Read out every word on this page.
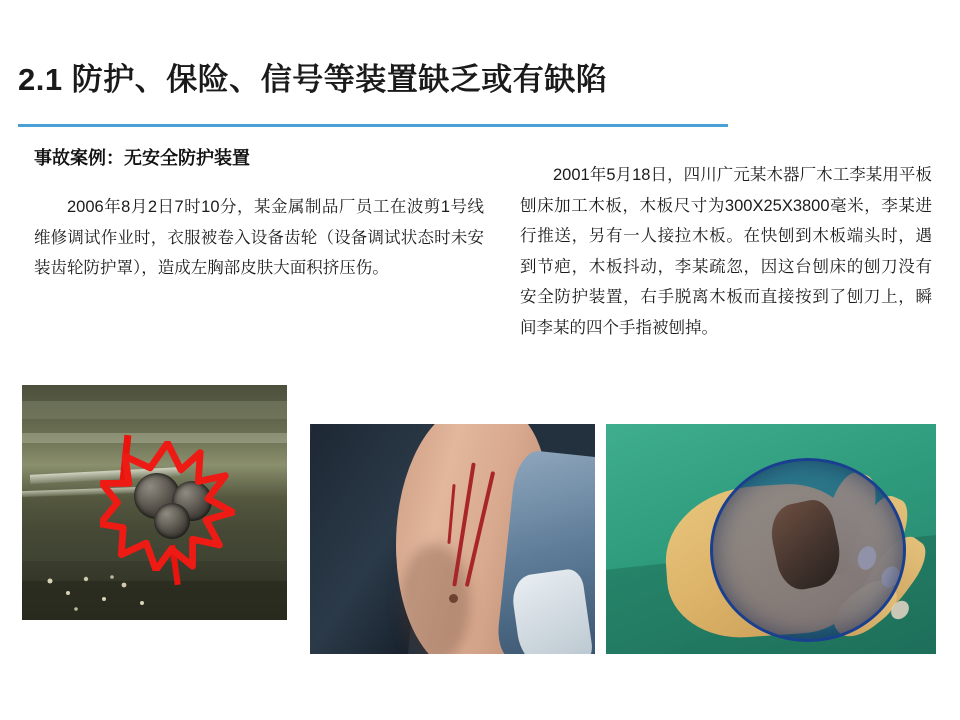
2.1 防护、保险、信号等装置缺乏或有缺陷
事故案例：无安全防护装置
2006年8月2日7时10分，某金属制品厂员工在波剪1号线维修调试作业时，衣服被卷入设备齿轮（设备调试状态时未安装齿轮防护罩），造成左胸部皮肤大面积挤压伤。
2001年5月18日，四川广元某木器厂木工李某用平板刨床加工木板，木板尺寸为300X25X3800毫米，李某进行推送，另有一人接拉木板。在快刨到木板端头时，遇到节疤，木板抖动，李某疏忽，因这台刨床的刨刀没有安全防护装置，右手脱离木板而直接按到了刨刀上，瞬间李某的四个手指被刨掉。
